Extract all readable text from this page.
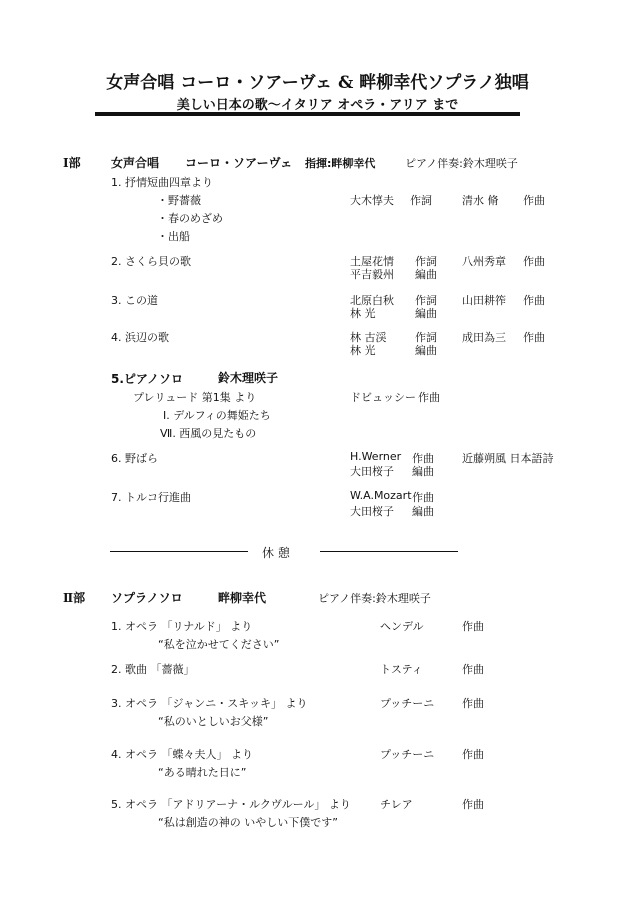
女声合唱 コーロ・ソアーヴェ & 畔柳幸代ソプラノ独唱
美しい日本の歌〜イタリア オペラ・アリア まで
Ⅰ部	女声合唱 コーロ・ソアーヴェ 指揮:畔柳幸代	ピアノ伴奏:鈴木理咲子
1. 抒情短曲四章より
・野薔薇
・春のめざめ
・出船
大木惇夫 作詞	清水 脩 作曲
2. さくら貝の歌	土屋花情 作詞 八州秀章 作曲
平吉毅州 編曲
3. この道	北原白秋 作詞 山田耕筰 作曲
林 光	編曲
4. 浜辺の歌	林 古渓	作詞 成田為三 作曲
林 光	編曲
5.ピアノソロ	鈴木理咲子
プレリュード 第1集 より	ドビュッシー 作曲
Ⅰ. デルフィの舞姫たち
Ⅶ. 西風の見たもの
6. 野ばら	H.Werner 作曲	近藤朔風 日本語詩
大田桜子 編曲
7. トルコ行進曲	W.A.Mozart 作曲
大田桜子 編曲
休 憩
Ⅱ部 ソプラノソロ	畔柳幸代	ピアノ伴奏:鈴木理咲子
1. オペラ 「リナルド」 より
“私を泣かせてください”
ヘンデル	作曲
2. 歌曲 「薔薇」	トスティ	作曲
3. オペラ 「ジャンニ・スキッキ」 より
“私のいとしいお父様”
プッチーニ	作曲
4. オペラ 「蝶々夫人」 より
“ある晴れた日に”
プッチーニ	作曲
5. オペラ 「アドリアーナ・ルクヴルール」 より
“私は創造の神の いやしい下僕です”
チレア	作曲
